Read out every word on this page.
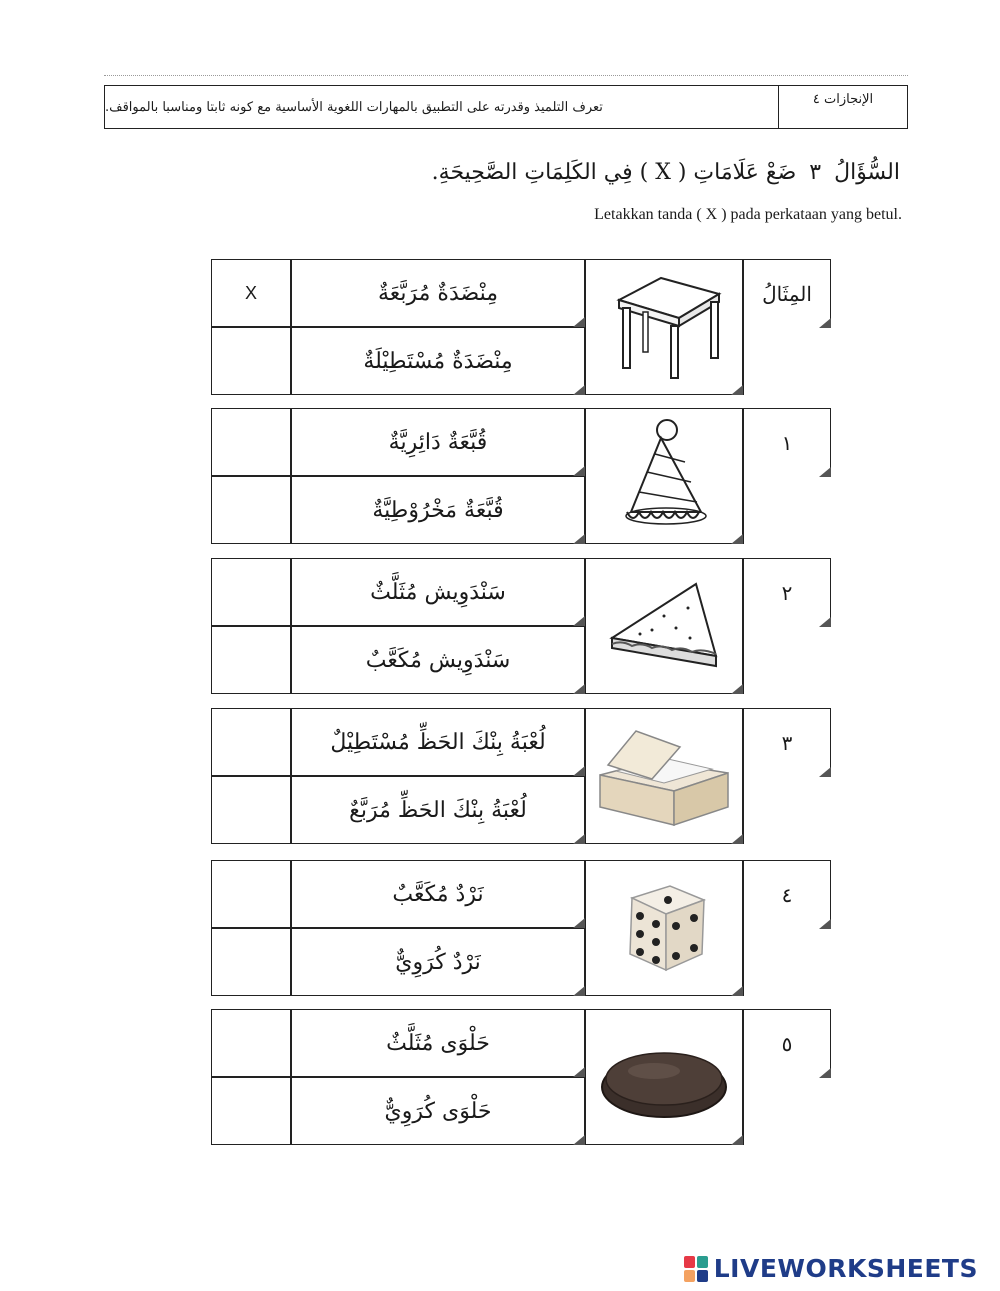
تعرف التلميذ وقدرته على التطبيق بالمهارات اللغوية الأساسية مع كونه ثابتا ومناسبا بالمواقف.	الإنجازات ٤
السُّؤَالُ ٣ ضَعْ عَلَامَاتِ ( X ) فِي الكَلِمَاتِ الصَّحِيحَةِ.
Letakkan tanda ( X ) pada perkataan yang betul.
X	مِنْضَدَةٌ مُرَبَّعَةٌ
مِنْضَدَةٌ مُسْتَطِيْلَةٌ
المِثَالُ
قُبَّعَةٌ دَائِرِيَّةٌ
قُبَّعَةٌ مَخْرُوْطِيَّةٌ
١
سَنْدَوِيش مُثَلَّثٌ
سَنْدَوِيش مُكَعَّبٌ
٢
لُعْبَةُ بِنْكَ الحَظِّ مُسْتَطِيْلٌ
لُعْبَةُ بِنْكَ الحَظِّ مُرَبَّعٌ
٣
نَرْدٌ مُكَعَّبٌ
نَرْدٌ كُرَوِيٌّ
٤
حَلْوَى مُثَلَّثٌ
حَلْوَى كُرَوِيٌّ
٥
LIVEWORKSHEETS
